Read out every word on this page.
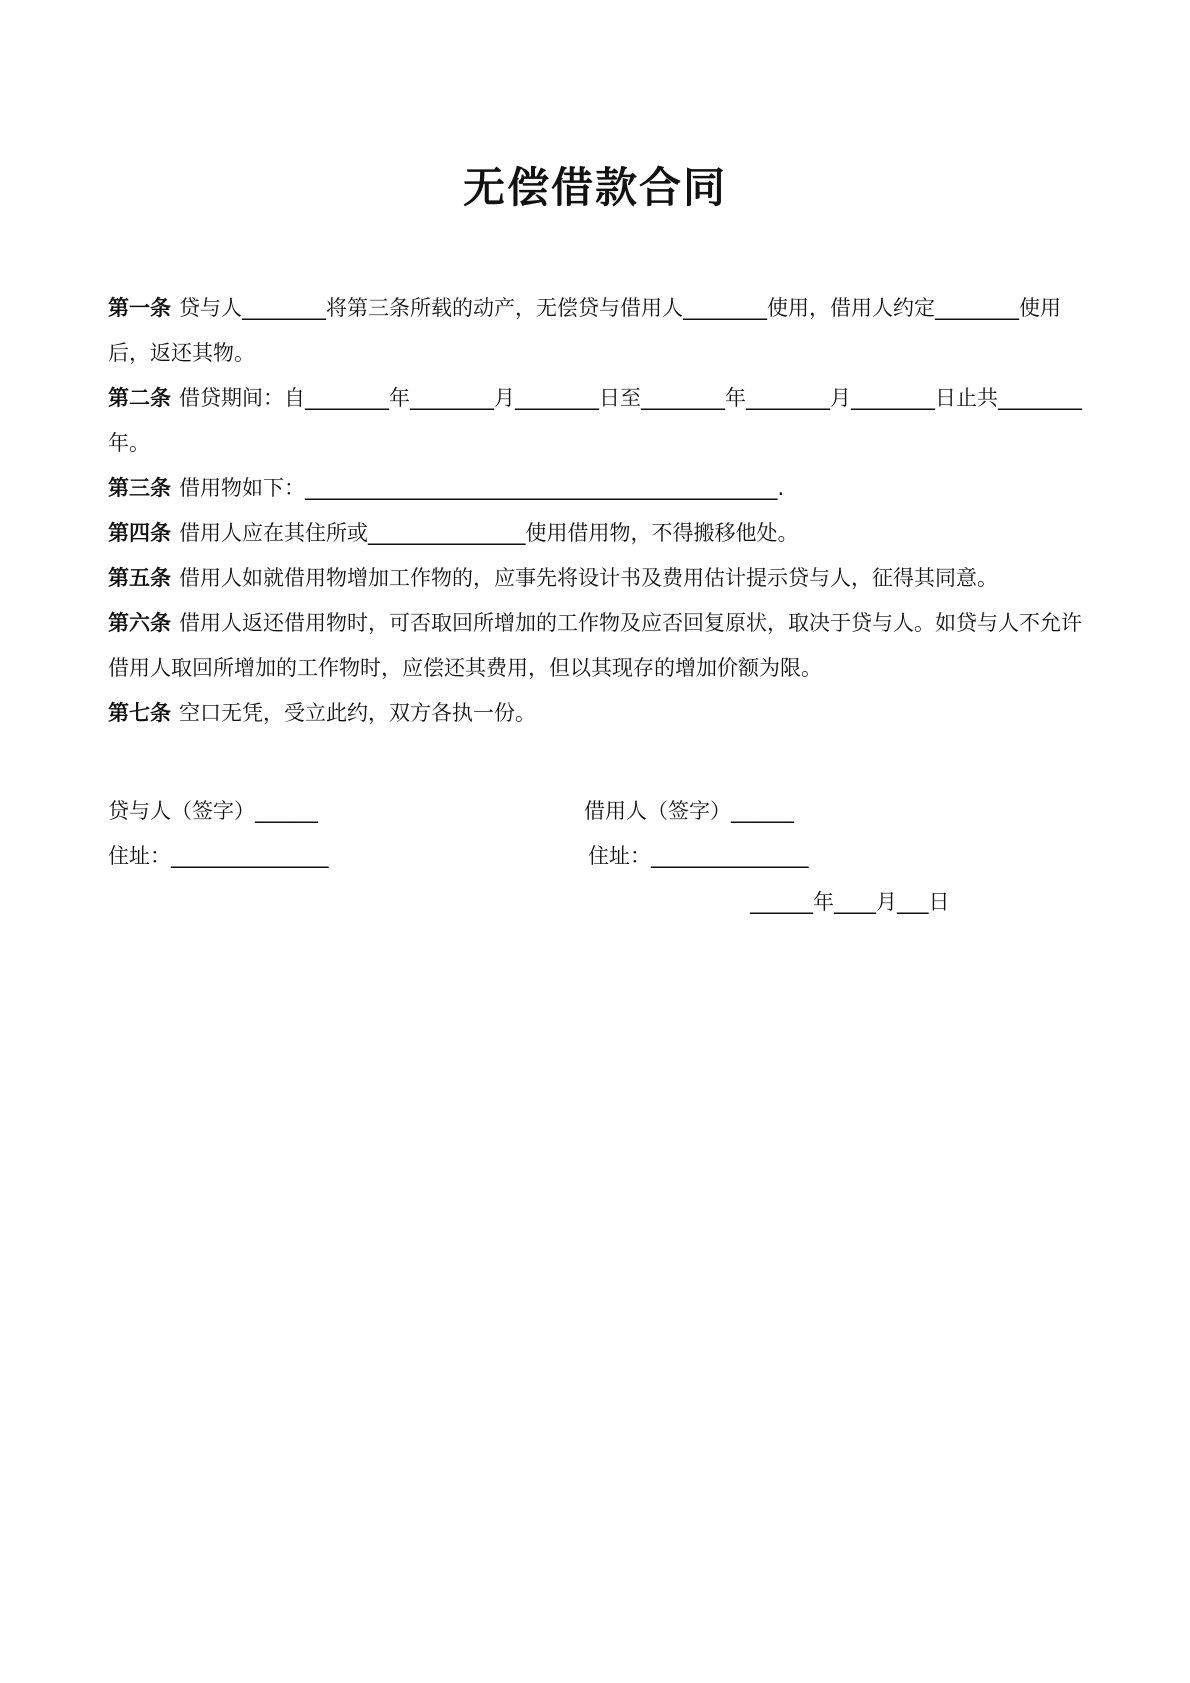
无偿借款合同

第一条 贷与人________将第三条所载的动产，无偿贷与借用人________使用，借用人约定________使用后，返还其物。

第二条 借贷期间：自________年________月________日至________年________月________日止共________年。

第三条 借用物如下：_____________________________________________.

第四条 借用人应在其住所或_______________使用借用物，不得搬移他处。

第五条 借用人如就借用物增加工作物的，应事先将设计书及费用估计提示贷与人，征得其同意。

第六条 借用人返还借用物时，可否取回所增加的工作物及应否回复原状，取决于贷与人。如贷与人不允许借用人取回所增加的工作物时，应偿还其费用，但以其现存的增加价额为限。

第七条 空口无凭，受立此约，双方各执一份。

贷与人（签字）______	借用人（签字）______
住址：_______________	住址：_______________
______年____月___日
